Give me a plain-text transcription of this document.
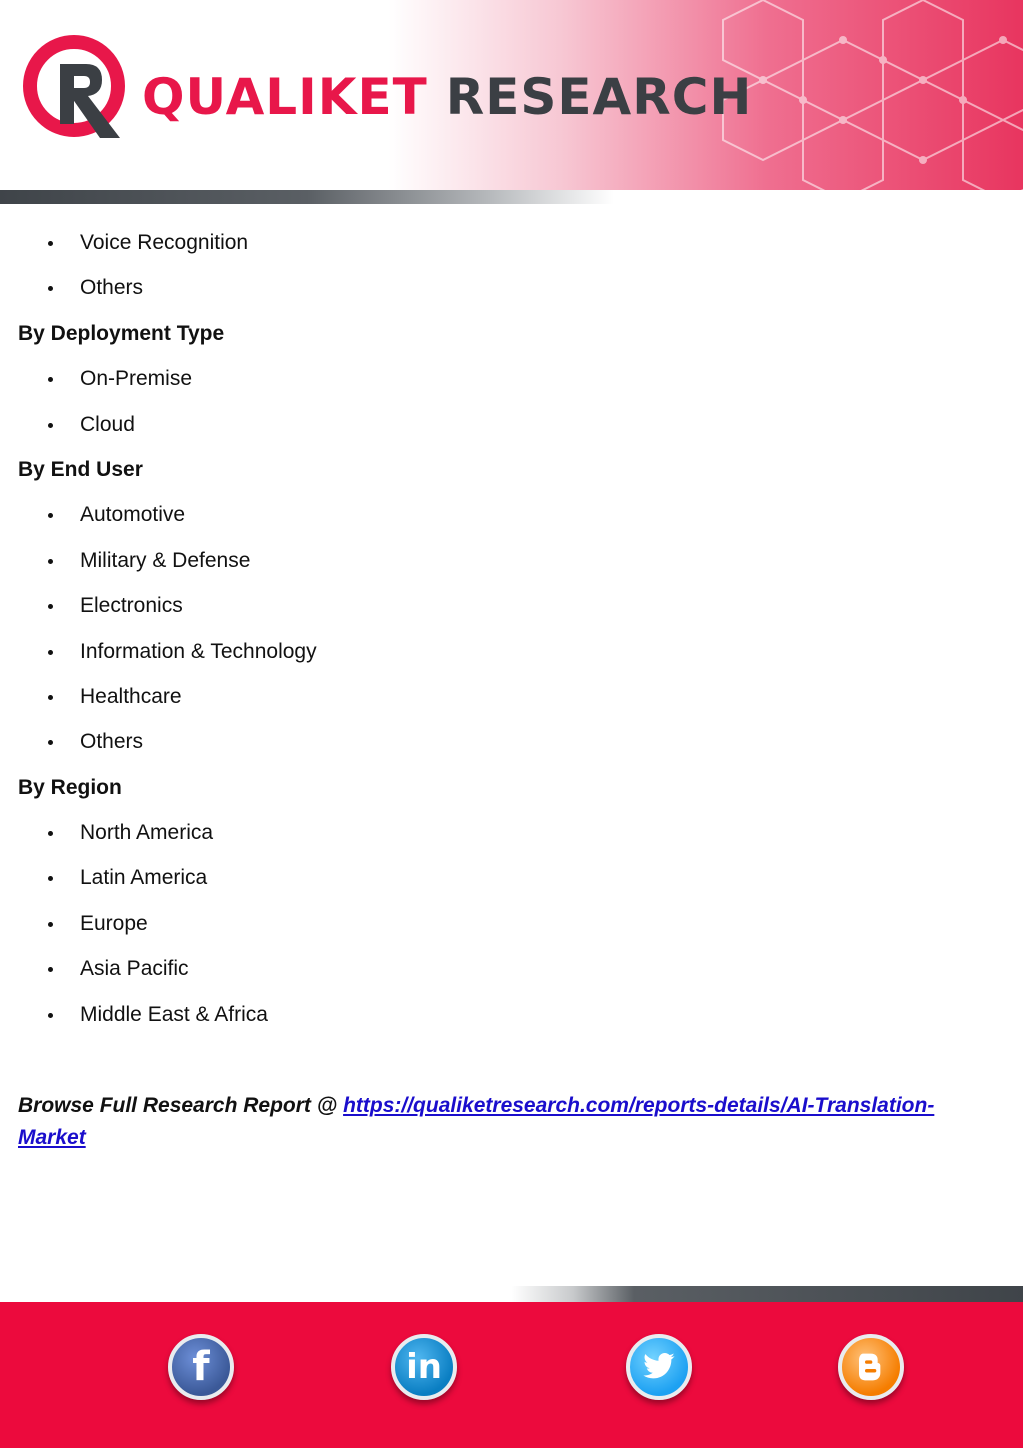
QUALIKET RESEARCH
Voice Recognition
Others
By Deployment Type
On-Premise
Cloud
By End User
Automotive
Military & Defense
Electronics
Information & Technology
Healthcare
Others
By Region
North America
Latin America
Europe
Asia Pacific
Middle East & Africa
Browse Full Research Report @ https://qualiketresearch.com/reports-details/AI-Translation-Market
f	in
